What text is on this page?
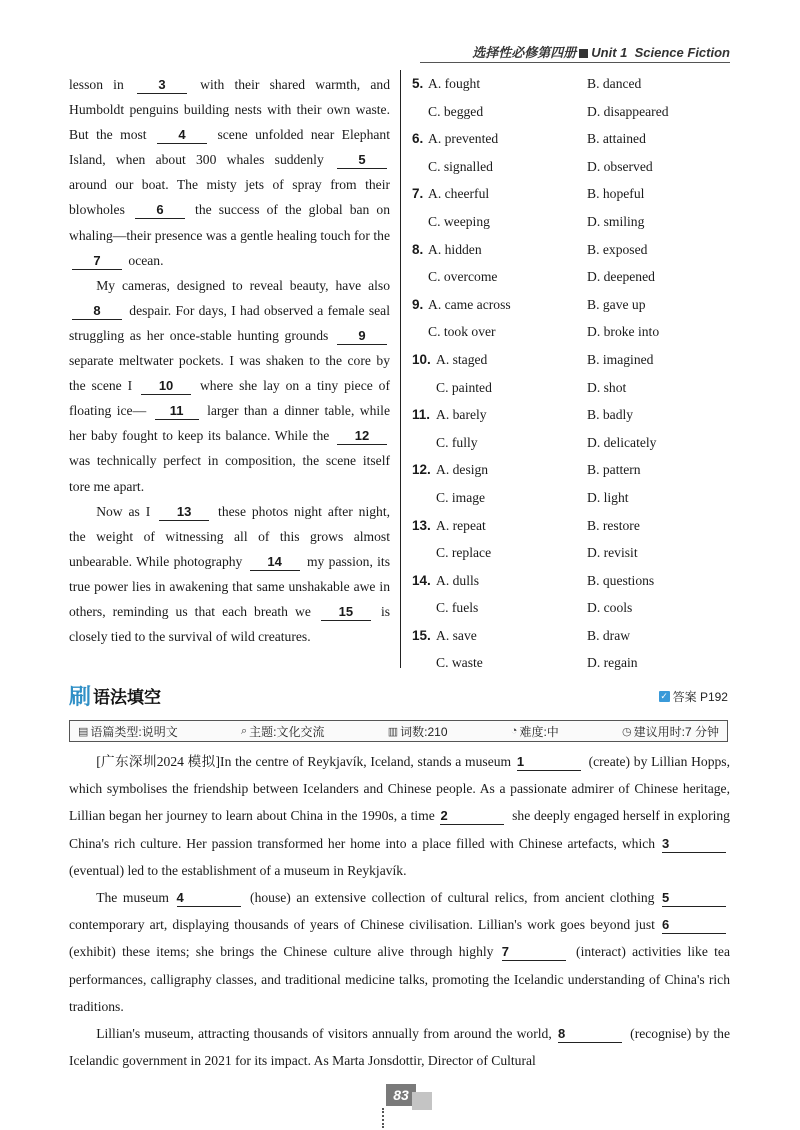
选择性必修第四册 Unit 1 Science Fiction

lesson in 3 with their shared warmth, and Humboldt penguins building nests with their own waste. But the most 4 scene unfolded near Elephant Island, when about 300 whales suddenly 5 around our boat. The misty jets of spray from their blowholes 6 the success of the global ban on whaling—their presence was a gentle healing touch for the 7 ocean.

My cameras, designed to reveal beauty, have also 8 despair. For days, I had observed a female seal struggling as her once-stable hunting grounds 9 separate meltwater pockets. I was shaken to the core by the scene I 10 where she lay on a tiny piece of floating ice— 11 larger than a dinner table, while her baby fought to keep its balance. While the 12 was technically perfect in composition, the scene itself tore me apart.

Now as I 13 these photos night after night, the weight of witnessing all of this grows almost unbearable. While photography 14 my passion, its true power lies in awakening that same unshakable awe in others, reminding us that each breath we 15 is closely tied to the survival of wild creatures.

5. A. fought	B. danced
C. begged	D. disappeared
6. A. prevented	B. attained
C. signalled	D. observed
7. A. cheerful	B. hopeful
C. weeping	D. smiling
8. A. hidden	B. exposed
C. overcome	D. deepened
9. A. came across	B. gave up
C. took over	D. broke into
10. A. staged	B. imagined
C. painted	D. shot
11. A. barely	B. badly
C. fully	D. delicately
12. A. design	B. pattern
C. image	D. light
13. A. repeat	B. restore
C. replace	D. revisit
14. A. dulls	B. questions
C. fuels	D. cools
15. A. save	B. draw
C. waste	D. regain
刷 语法填空	✓ 答案 P192
▤ 语篇类型:说明文	⌕ 主题:文化交流	▥ 词数:210	◔ 难度:中	◷ 建议用时:7 分钟

[广东深圳2024 模拟]In the centre of Reykjavík, Iceland, stands a museum 1	(create) by Lillian Hopps, which symbolises the friendship between Icelanders and Chinese people. As a passionate admirer of Chinese heritage, Lillian began her journey to learn about China in the 1990s, a time 2	she deeply engaged herself in exploring China's rich culture. Her passion transformed her home into a place filled with Chinese artefacts, which 3 (eventual) led to the establishment of a museum in Reykjavík.

The museum 4	(house) an extensive collection of cultural relics, from ancient clothing 5 contemporary art, displaying thousands of years of Chinese civilisation. Lillian's work goes beyond just 6 (exhibit) these items; she brings the Chinese culture alive through highly 7	(interact) activities like tea performances, calligraphy classes, and traditional medicine talks, promoting the Icelandic understanding of China's rich traditions.

Lillian's museum, attracting thousands of visitors annually from around the world, 8	(recognise) by the Icelandic government in 2021 for its impact. As Marta Jonsdottir, Director of Cultural

83
